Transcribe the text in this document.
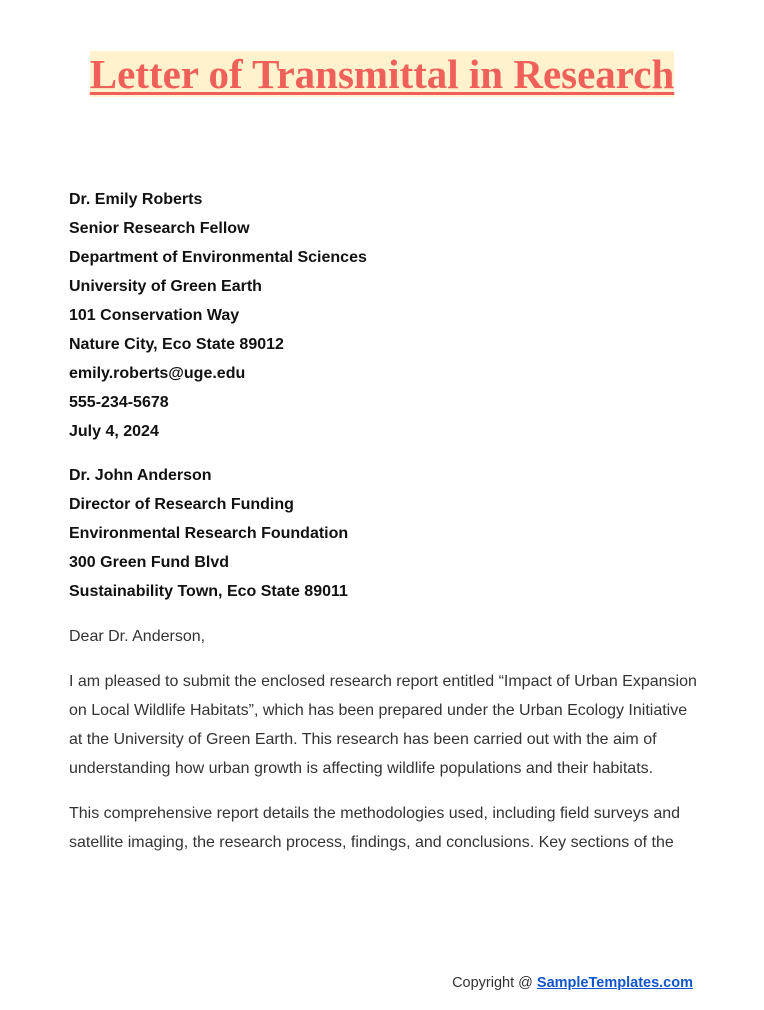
Letter of Transmittal in Research
Dr. Emily Roberts
Senior Research Fellow
Department of Environmental Sciences
University of Green Earth
101 Conservation Way
Nature City, Eco State 89012
emily.roberts@uge.edu
555-234-5678
July 4, 2024
Dr. John Anderson
Director of Research Funding
Environmental Research Foundation
300 Green Fund Blvd
Sustainability Town, Eco State 89011
Dear Dr. Anderson,

I am pleased to submit the enclosed research report entitled “Impact of Urban Expansion on Local Wildlife Habitats”, which has been prepared under the Urban Ecology Initiative at the University of Green Earth. This research has been carried out with the aim of understanding how urban growth is affecting wildlife populations and their habitats.

This comprehensive report details the methodologies used, including field surveys and satellite imaging, the research process, findings, and conclusions. Key sections of the

Copyright @ SampleTemplates.com
